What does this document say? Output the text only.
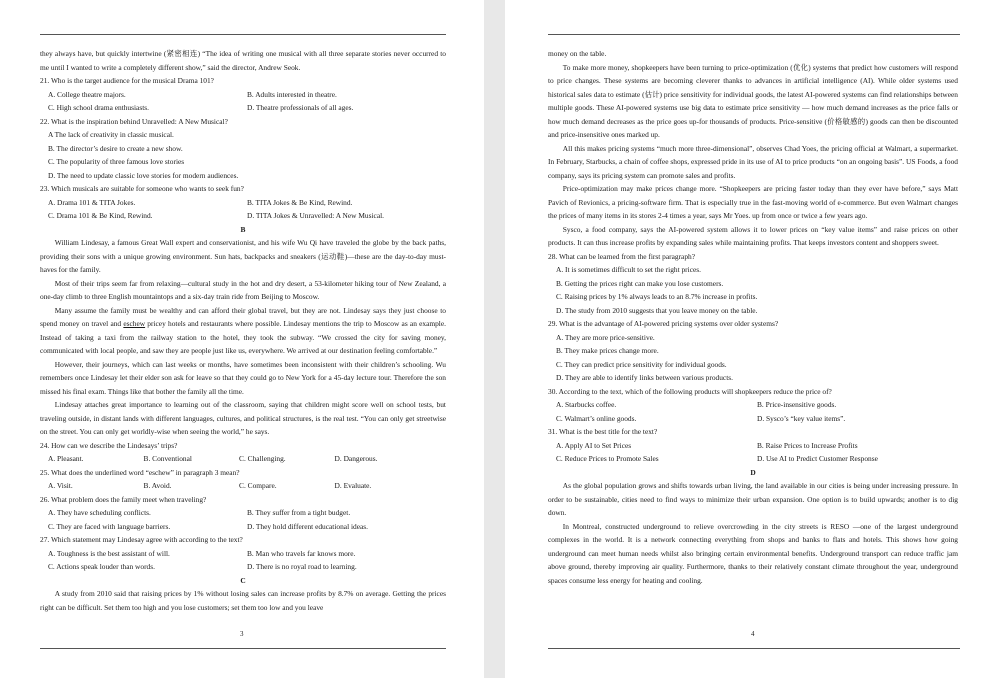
they always have, but quickly intertwine (紧密相连) “The idea of writing one musical with all three separate stories never occurred to me until I wanted to write a completely different show,” said the director, Andrew Seok.

21. Who is the target audience for the musical Drama 101?

A. College theatre majors.	B. Adults interested in theatre.
C. High school drama enthusiasts.	D. Theatre professionals of all ages.

22. What is the inspiration behind Unravelled: A New Musical?

A The lack of creativity in classic musical.

B. The director’s desire to create a new show.

C. The popularity of three famous love stories

D. The need to update classic love stories for modern audiences.

23. Which musicals are suitable for someone who wants to seek fun?

A. Drama 101 & TITA Jokes.	B. TITA Jokes & Be Kind, Rewind.
C. Drama 101 & Be Kind, Rewind.	D. TITA Jokes & Unravelled: A New Musical.

B

William Lindesay, a famous Great Wall expert and conservationist, and his wife Wu Qi have traveled the globe by the back paths, providing their sons with a unique growing environment. Sun hats, backpacks and sneakers (运动鞋)—these are the day-to-day must-haves for the family.

Most of their trips seem far from relaxing—cultural study in the hot and dry desert, a 53-kilometer hiking tour of New Zealand, a one-day climb to three English mountaintops and a six-day train ride from Beijing to Moscow.

Many assume the family must be wealthy and can afford their global travel, but they are not. Lindesay says they just choose to spend money on travel and eschew pricey hotels and restaurants where possible. Lindesay mentions the trip to Moscow as an example. Instead of taking a taxi from the railway station to the hotel, they took the subway. “We crossed the city for saving money, communicated with local people, and saw they are people just like us, everywhere. We arrived at our destination feeling comfortable.”

However, their journeys, which can last weeks or months, have sometimes been inconsistent with their children’s schooling. Wu remembers once Lindesay let their elder son ask for leave so that they could go to New York for a 45-day lecture tour. Therefore the son missed his final exam. Things like that bother the family all the time.

Lindesay attaches great importance to learning out of the classroom, saying that children might score well on school tests, but traveling outside, in distant lands with different languages, cultures, and political structures, is the real test. “You can only get streetwise on the street. You can only get worldly-wise when seeing the world,” he says.

24. How can we describe the Lindesays’ trips?

A. Pleasant.	B. Conventional	C. Challenging.	D. Dangerous.

25. What does the underlined word “eschew” in paragraph 3 mean?

A. Visit.	B. Avoid.	C. Compare.	D. Evaluate.

26. What problem does the family meet when traveling?

A. They have scheduling conflicts.	B. They suffer from a tight budget.
C. They are faced with language barriers.	D. They hold different educational ideas.

27. Which statement may Lindesay agree with according to the text?

A. Toughness is the best assistant of will.	B. Man who travels far knows more.
C. Actions speak louder than words.	D. There is no royal road to learning.

C

A study from 2010 said that raising prices by 1% without losing sales can increase profits by 8.7% on average. Getting the prices right can be difficult. Set them too high and you lose customers; set them too low and you leave

3

money on the table.

To make more money, shopkeepers have been turning to price-optimization (优化) systems that predict how customers will respond to price changes. These systems are becoming cleverer thanks to advances in artificial intelligence (AI). While older systems used historical sales data to estimate (估计) price sensitivity for individual goods, the latest AI-powered systems can find relationships between multiple goods. These AI-powered systems use big data to estimate price sensitivity — how much demand increases as the price falls or how much demand decreases as the price goes up-for thousands of products. Price-sensitive (价格敏感的) goods can then be discounted and price-insensitive ones marked up.

All this makes pricing systems “much more three-dimensional”, observes Chad Yoes, the pricing official at Walmart, a supermarket. In February, Starbucks, a chain of coffee shops, expressed pride in its use of AI to price products “on an ongoing basis”. US Foods, a food company, says its pricing system can promote sales and profits.

Price-optimization may make prices change more. “Shopkeepers are pricing faster today than they ever have before,” says Matt Pavich of Revionics, a pricing-software firm. That is especially true in the fast-moving world of e-commerce. But even Walmart changes the prices of many items in its stores 2-4 times a year, says Mr Yoes. up from once or twice a few years ago.

Sysco, a food company, says the AI-powered system allows it to lower prices on “key value items” and raise prices on other products. It can thus increase profits by expanding sales while maintaining profits. That keeps investors content and shoppers sweet.

28. What can be learned from the first paragraph?

A. It is sometimes difficult to set the right prices.

B. Getting the prices right can make you lose customers.

C. Raising prices by 1% always leads to an 8.7% increase in profits.

D. The study from 2010 suggests that you leave money on the table.

29. What is the advantage of AI-powered pricing systems over older systems?

A. They are more price-sensitive.

B. They make prices change more.

C. They can predict price sensitivity for individual goods.

D. They are able to identify links between various products.

30. According to the text, which of the following products will shopkeepers reduce the price of?

A. Starbucks coffee.	B. Price-insensitive goods.
C. Walmart’s online goods.	D. Sysco’s “key value items”.

31. What is the best title for the text?

A. Apply AI to Set Prices	B. Raise Prices to Increase Profits
C. Reduce Prices to Promote Sales	D. Use AI to Predict Customer Response

D

As the global population grows and shifts towards urban living, the land available in our cities is being under increasing pressure. In order to be sustainable, cities need to find ways to minimize their urban expansion. One option is to build upwards; another is to dig down.

In Montreal, constructed underground to relieve overcrowding in the city streets is RESO —one of the largest underground complexes in the world. It is a network connecting everything from shops and banks to flats and hotels. This shows how going underground can meet human needs whilst also bringing certain environmental benefits. Underground transport can reduce traffic jam above ground, thereby improving air quality. Furthermore, thanks to their relatively constant climate throughout the year, underground spaces consume less energy for heating and cooling.

4
